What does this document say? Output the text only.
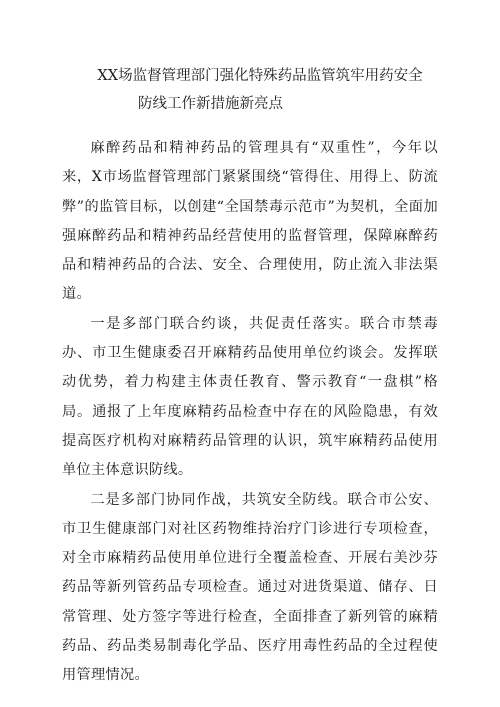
XX场监督管理部门强化特殊药品监管筑牢用药安全
防线工作新措施新亮点

麻醉药品和精神药品的管理具有“双重性”，今年以来，X市场监督管理部门紧紧围绕“管得住、用得上、防流弊”的监管目标，以创建“全国禁毒示范市”为契机，全面加强麻醉药品和精神药品经营使用的监督管理，保障麻醉药品和精神药品的合法、安全、合理使用，防止流入非法渠道。

一是多部门联合约谈，共促责任落实。联合市禁毒办、市卫生健康委召开麻精药品使用单位约谈会。发挥联动优势，着力构建主体责任教育、警示教育“一盘棋”格局。通报了上年度麻精药品检查中存在的风险隐患，有效提高医疗机构对麻精药品管理的认识，筑牢麻精药品使用单位主体意识防线。

二是多部门协同作战，共筑安全防线。联合市公安、市卫生健康部门对社区药物维持治疗门诊进行专项检查，对全市麻精药品使用单位进行全覆盖检查、开展右美沙芬药品等新列管药品专项检查。通过对进货渠道、储存、日常管理、处方签字等进行检查，全面排查了新列管的麻精药品、药品类易制毒化学品、医疗用毒性药品的全过程使用管理情况。
